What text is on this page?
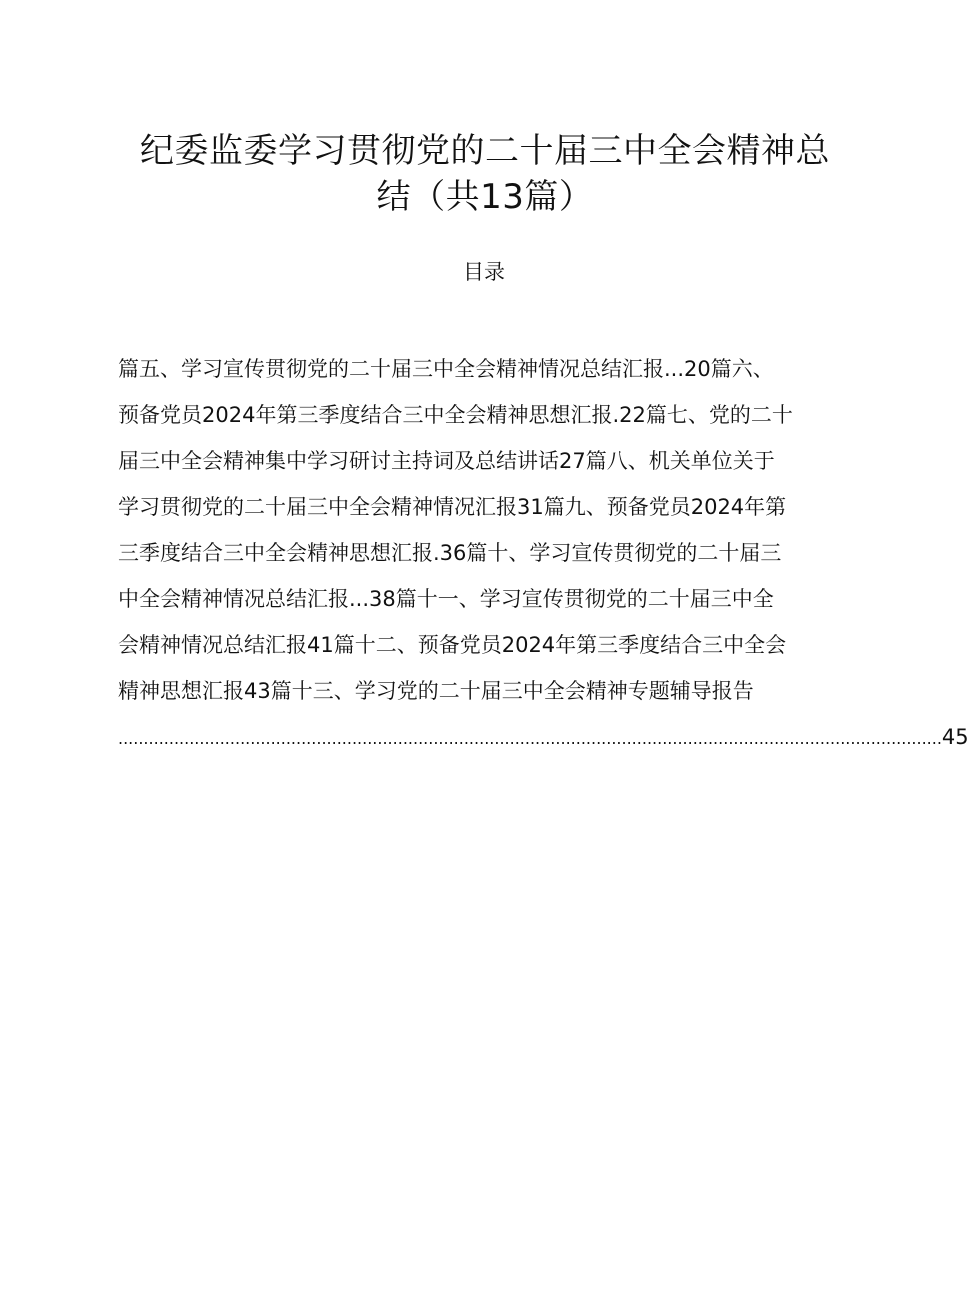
纪委监委学习贯彻党的二十届三中全会精神总
结（共13篇）
目录
篇五、学习宣传贯彻党的二十届三中全会精神情况总结汇报...20篇六、
预备党员2024年第三季度结合三中全会精神思想汇报.22篇七、党的二十
届三中全会精神集中学习研讨主持词及总结讲话27篇八、机关单位关于
学习贯彻党的二十届三中全会精神情况汇报31篇九、预备党员2024年第
三季度结合三中全会精神思想汇报.36篇十、学习宣传贯彻党的二十届三
中全会精神情况总结汇报...38篇十一、学习宣传贯彻党的二十届三中全
会精神情况总结汇报41篇十二、预备党员2024年第三季度结合三中全会
精神思想汇报43篇十三、学习党的二十届三中全会精神专题辅导报告
.................................................................................................................................................................. 45
